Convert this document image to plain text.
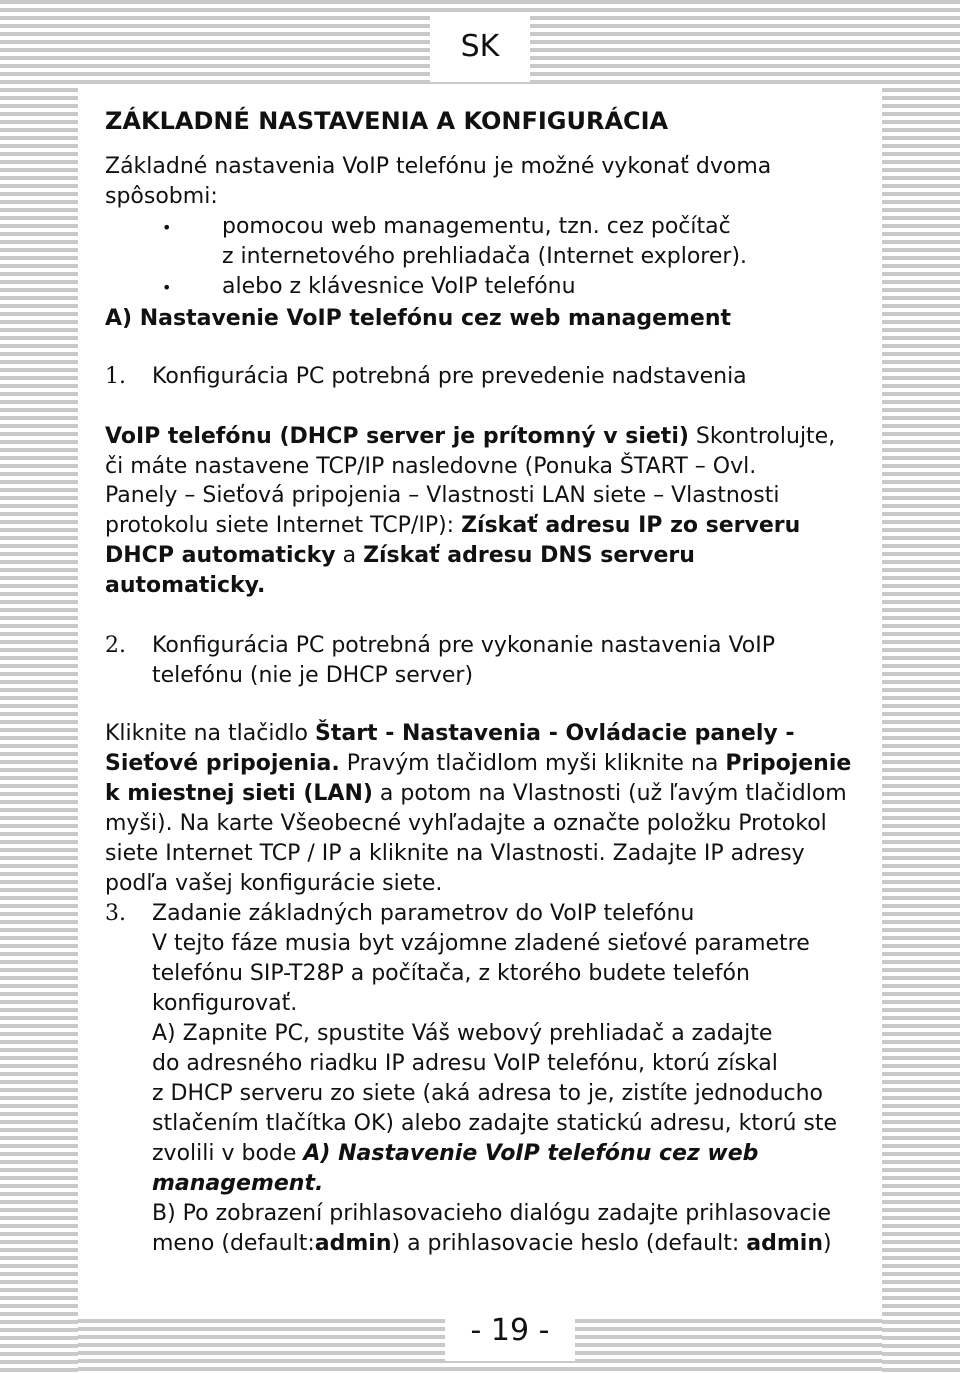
SK
- 19 -
ZÁKLADNÉ NASTAVENIA A KONFIGURÁCIA
Základné nastavenia VoIP telefónu je možné vykonať dvoma
spôsobmi:
• pomocou web managementu, tzn. cez počítač
z internetového prehliadača (Internet explorer).
• alebo z klávesnice VoIP telefónu
A) Nastavenie VoIP telefónu cez web management
1. Konfigurácia PC potrebná pre prevedenie nadstavenia
VoIP telefónu (DHCP server je prítomný v sieti) Skontrolujte,
či máte nastavene TCP/IP nasledovne (Ponuka ŠTART – Ovl.
Panely – Sieťová pripojenia – Vlastnosti LAN siete – Vlastnosti
protokolu siete Internet TCP/IP): Získať adresu IP zo serveru
DHCP automaticky a Získať adresu DNS serveru
automaticky.
2. Konfigurácia PC potrebná pre vykonanie nastavenia VoIP
telefónu (nie je DHCP server)
Kliknite na tlačidlo Štart - Nastavenia - Ovládacie panely -
Sieťové pripojenia. Pravým tlačidlom myši kliknite na Pripojenie
k miestnej sieti (LAN) a potom na Vlastnosti (už ľavým tlačidlom
myši). Na karte Všeobecné vyhľadajte a označte položku Protokol
siete Internet TCP / IP a kliknite na Vlastnosti. Zadajte IP adresy
podľa vašej konfigurácie siete.
3. Zadanie základných parametrov do VoIP telefónu
V tejto fáze musia byt vzájomne zladené sieťové parametre
telefónu SIP-T28P a počítača, z ktorého budete telefón
konfigurovať.
A) Zapnite PC, spustite Váš webový prehliadač a zadajte
do adresného riadku IP adresu VoIP telefónu, ktorú získal
z DHCP serveru zo siete (aká adresa to je, zistíte jednoducho
stlačením tlačítka OK) alebo zadajte statickú adresu, ktorú ste
zvolili v bode A) Nastavenie VoIP telefónu cez web
management.
B) Po zobrazení prihlasovacieho dialógu zadajte prihlasovacie
meno (default:admin) a prihlasovacie heslo (default: admin)
